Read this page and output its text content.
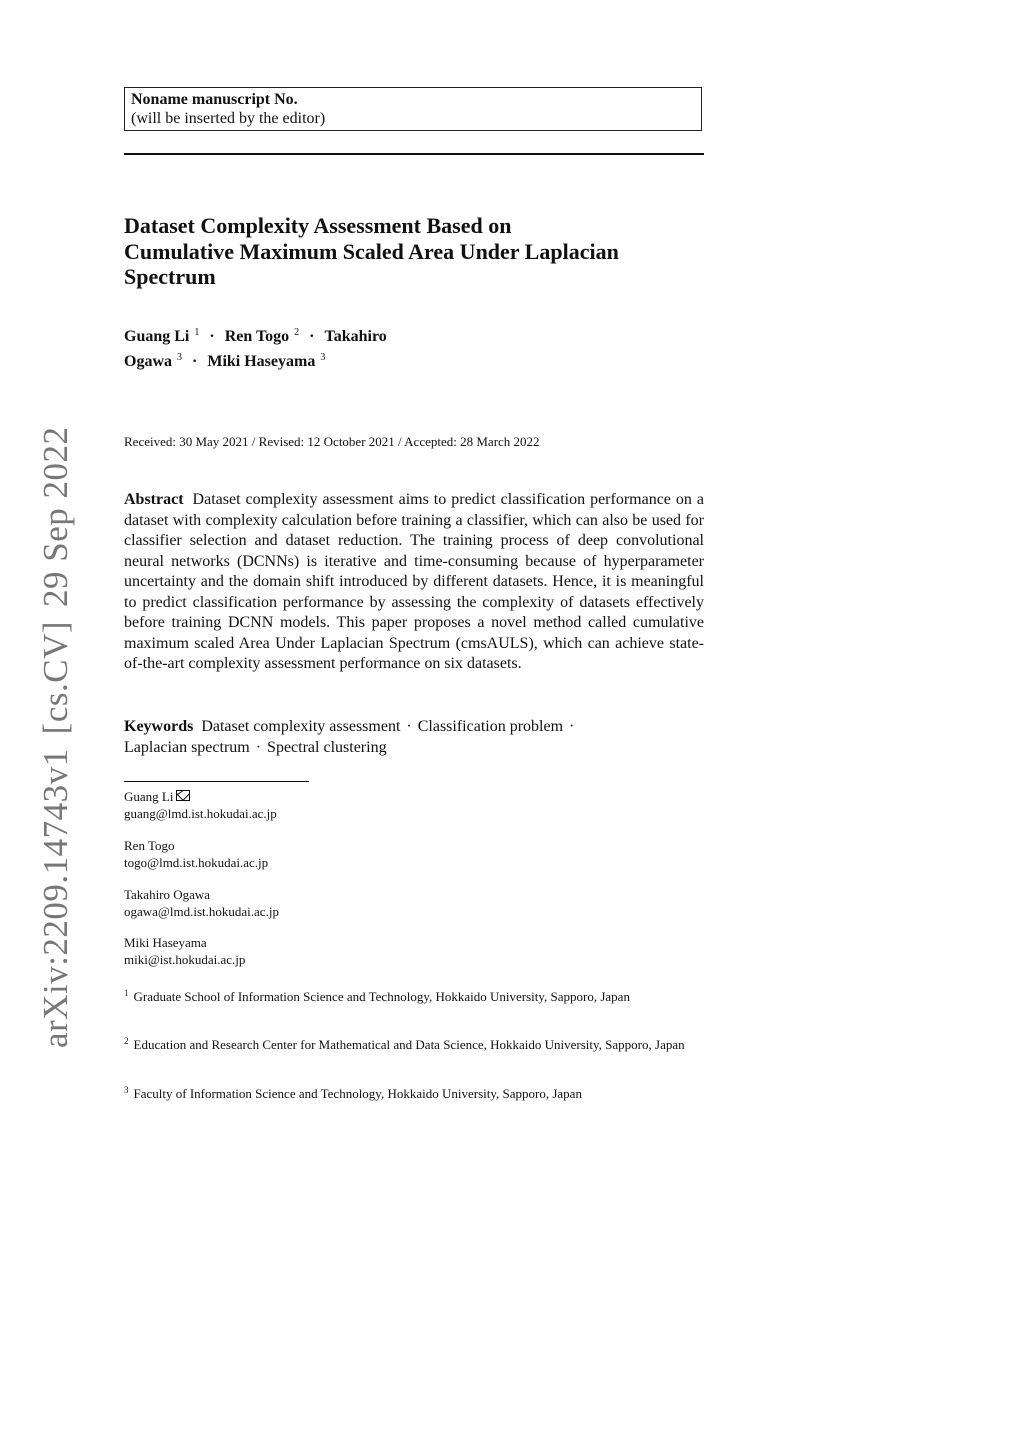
Noname manuscript No.
(will be inserted by the editor)
Dataset Complexity Assessment Based on
Cumulative Maximum Scaled Area Under Laplacian
Spectrum
Guang Li $^1$ · Ren Togo $^2$ · Takahiro
Ogawa $^3$ · Miki Haseyama $^3$
Received: 30 May 2021 / Revised: 12 October 2021 / Accepted: 28 March 2022
Abstract Dataset complexity assessment aims to predict classification performance on a dataset with complexity calculation before training a classifier, which can also be used for classifier selection and dataset reduction. The training process of deep convolutional neural networks (DCNNs) is iterative and time-consuming because of hyperparameter uncertainty and the domain shift introduced by different datasets. Hence, it is meaningful to predict classification performance by assessing the complexity of datasets effectively before training DCNN models. This paper proposes a novel method called cumulative maximum scaled Area Under Laplacian Spectrum (cmsAULS), which can achieve state-of-the-art complexity assessment performance on six datasets.
Keywords Dataset complexity assessment · Classification problem ·
Laplacian spectrum · Spectral clustering
Guang Li
guang@lmd.ist.hokudai.ac.jp
Ren Togo
togo@lmd.ist.hokudai.ac.jp
Takahiro Ogawa
ogawa@lmd.ist.hokudai.ac.jp
Miki Haseyama
miki@ist.hokudai.ac.jp
$^1$ Graduate School of Information Science and Technology, Hokkaido University, Sapporo, Japan
$^2$ Education and Research Center for Mathematical and Data Science, Hokkaido University, Sapporo, Japan
$^3$ Faculty of Information Science and Technology, Hokkaido University, Sapporo, Japan
arXiv:2209.14743v1[cs.CV]29 Sep 2022
